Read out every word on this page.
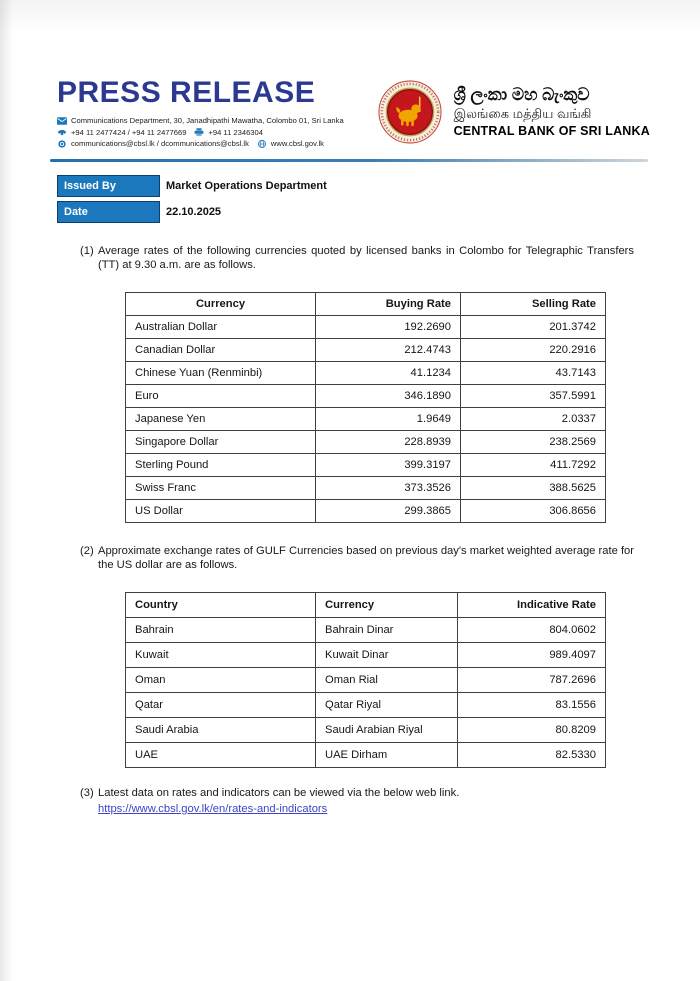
PRESS RELEASE
Communications Department, 30, Janadhipathi Mawatha, Colombo 01, Sri Lanka
+94 11 2477424 / +94 11 2477669	+94 11 2346304
communications@cbsl.lk / dcommunications@cbsl.lk	www.cbsl.gov.lk
ශ්‍රී ලංකා මහ බැංකුව
இலங்கை மத்திய வங்கி
CENTRAL BANK OF SRI LANKA
Issued By	Market Operations Department
Date	22.10.2025
(1) Average rates of the following currencies quoted by licensed banks in Colombo for Telegraphic Transfers (TT) at 9.30 a.m. are as follows.
Currency	Buying Rate	Selling Rate
Australian Dollar	192.2690	201.3742
Canadian Dollar	212.4743	220.2916
Chinese Yuan (Renminbi)	41.1234	43.7143
Euro	346.1890	357.5991
Japanese Yen	1.9649	2.0337
Singapore Dollar	228.8939	238.2569
Sterling Pound	399.3197	411.7292
Swiss Franc	373.3526	388.5625
US Dollar	299.3865	306.8656
(2) Approximate exchange rates of GULF Currencies based on previous day's market weighted average rate for the US dollar are as follows.
Country	Currency	Indicative Rate
Bahrain	Bahrain Dinar	804.0602
Kuwait	Kuwait Dinar	989.4097
Oman	Oman Rial	787.2696
Qatar	Qatar Riyal	83.1556
Saudi Arabia	Saudi Arabian Riyal	80.8209
UAE	UAE Dirham	82.5330
(3) Latest data on rates and indicators can be viewed via the below web link.
https://www.cbsl.gov.lk/en/rates-and-indicators
